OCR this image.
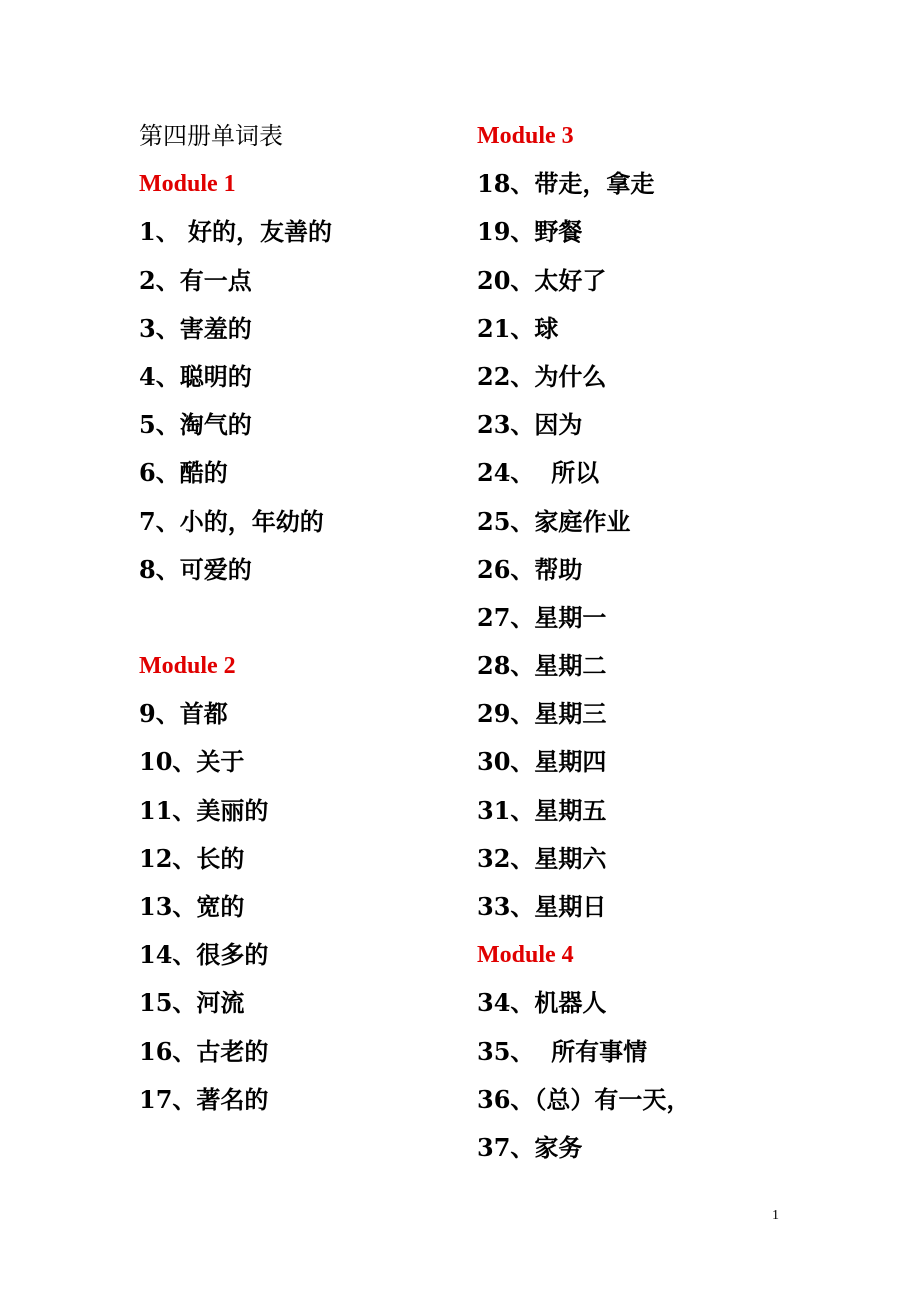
第四册单词表
Module 1
1、 好的，友善的
2、有一点
3、害羞的
4、聪明的
5、淘气的
6、酷的
7、小的，年幼的
8、可爱的
Module 2
9、首都
10、关于
11、美丽的
12、长的
13、宽的
14、很多的
15、河流
16、古老的
17、著名的
Module 3
18、带走，拿走
19、野餐
20、太好了
21、球
22、为什么
23、因为
24、  所以
25、家庭作业
26、帮助
27、星期一
28、星期二
29、星期三
30、星期四
31、星期五
32、星期六
33、星期日
Module 4
34、机器人
35、  所有事情
36、（总）有一天，
37、家务
1
